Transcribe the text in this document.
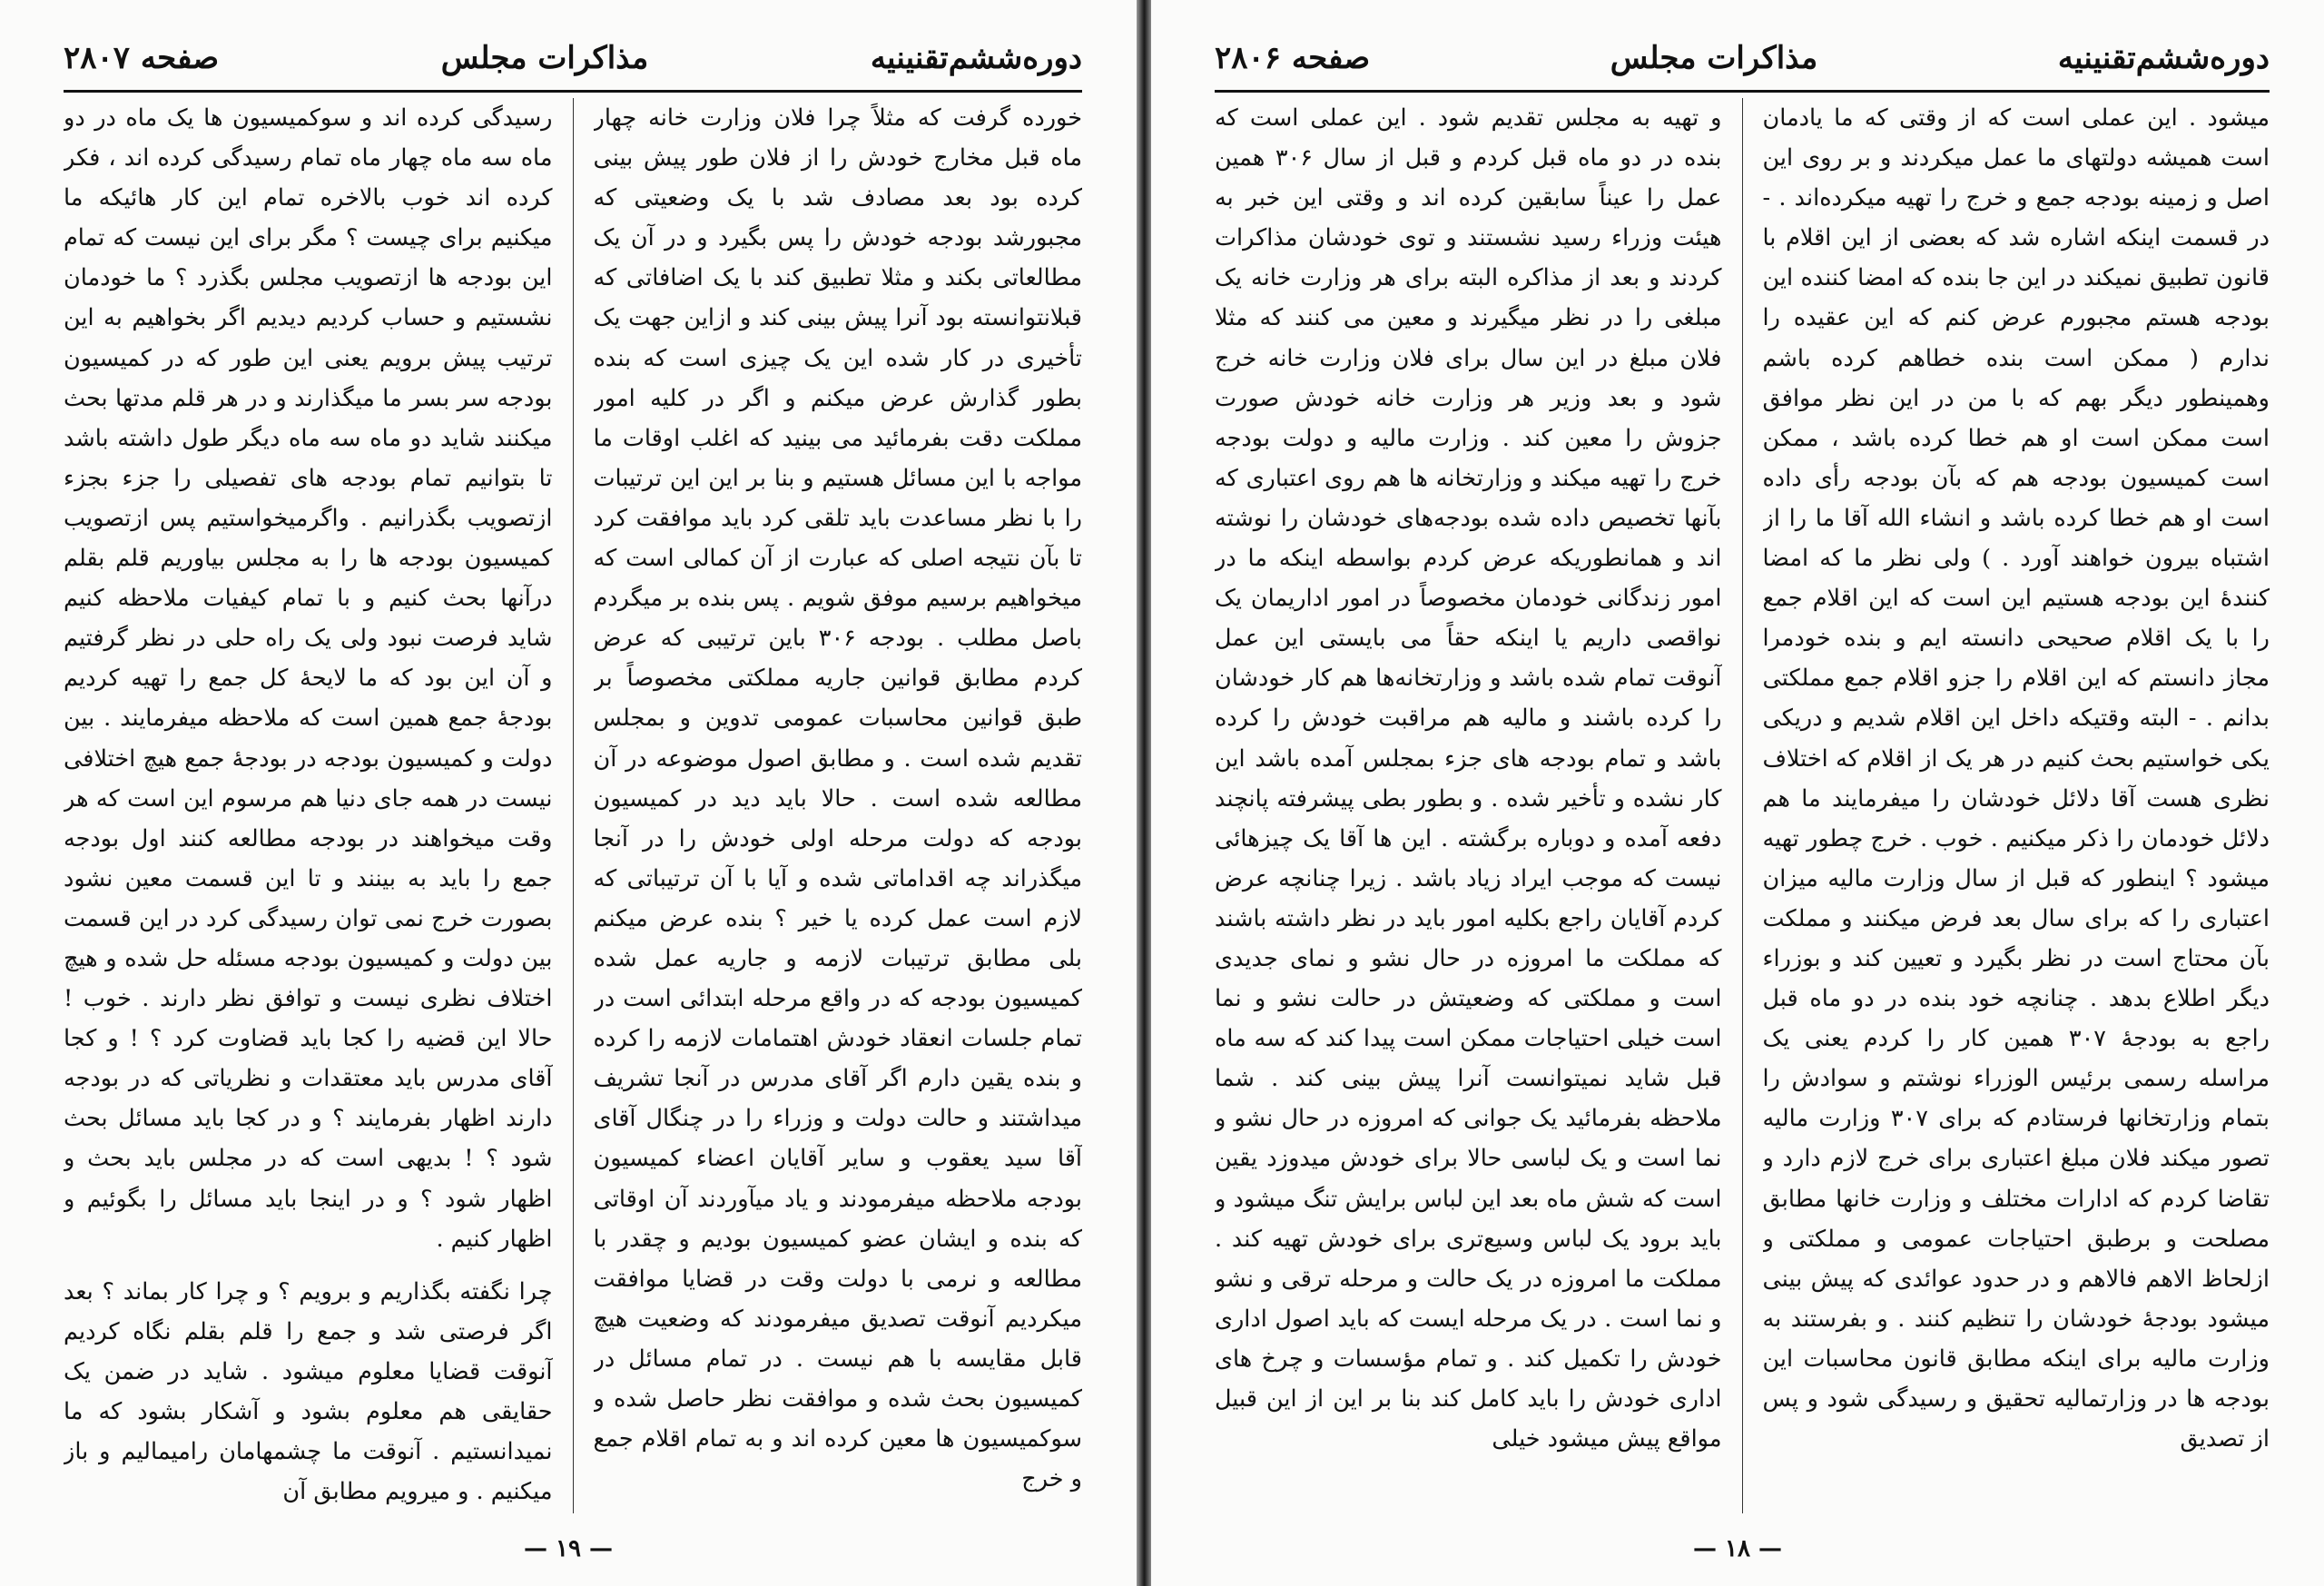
دوره‌ششم‌تقنینیه
مذاکرات مجلس
صفحه ۲۸۰۷

خورده گرفت که مثلاً چرا فلان وزارت خانه چهار ماه قبل مخارج خودش را از فلان طور پیش بینی کرده بود بعد مصادف شد با یک وضعیتی که مجبورشد بودجه خودش را پس بگیرد و در آن یک مطالعاتی بکند و مثلا تطبیق کند با یک اضافاتی که قبلانتوانسته بود آنرا پیش بینی کند و ازاین جهت یک تأخیری در کار شده این یک چیزی است که بنده بطور گذارش عرض میکنم و اگر در کلیه امور مملکت دقت بفرمائید می بینید که اغلب اوقات ما مواجه با این مسائل هستیم و بنا بر این این ترتیبات را با نظر مساعدت باید تلقی کرد باید موافقت کرد تا بآن نتیجه اصلی که عبارت از آن کمالی است که میخواهیم برسیم موفق شویم . پس بنده بر میگردم باصل مطلب . بودجه ۳۰۶ باین ترتیبی که عرض کردم مطابق قوانین جاریه مملکتی مخصوصاً بر طبق قوانین محاسبات عمومی تدوین و بمجلس تقدیم شده است . و مطابق اصول موضوعه در آن مطالعه شده است . حالا باید دید در کمیسیون بودجه که دولت مرحله اولی خودش را در آنجا میگذراند چه اقداماتی شده و آیا با آن ترتیباتی که لازم است عمل کرده یا خیر ؟ بنده عرض میکنم بلی مطابق ترتیبات لازمه و جاریه عمل شده کمیسیون بودجه که در واقع مرحله ابتدائی است در تمام جلسات انعقاد خودش اهتمامات لازمه را کرده و بنده یقین دارم اگر آقای مدرس در آنجا تشریف میداشتند و حالت دولت و وزراء را در چنگال آقای آقا سید یعقوب و سایر آقایان اعضاء کمیسیون بودجه ملاحظه میفرمودند و یاد میآوردند آن اوقاتی که بنده و ایشان عضو کمیسیون بودیم و چقدر با مطالعه و نرمی با دولت وقت در قضایا موافقت میکردیم آنوقت تصدیق میفرمودند که وضعیت هیچ قابل مقایسه با هم نیست . در تمام مسائل در کمیسیون بحث شده و موافقت نظر حاصل شده و سوکمیسیون ها معین کرده اند و به تمام اقلام جمع و خرج

رسیدگی کرده اند و سوکمیسیون ها یک ماه در دو ماه سه ماه چهار ماه تمام رسیدگی کرده اند ، فکر کرده اند خوب بالاخره تمام این کار هائیکه ما میکنیم برای چیست ؟ مگر برای این نیست که تمام این بودجه ها ازتصویب مجلس بگذرد ؟ ما خودمان نشستیم و حساب کردیم دیدیم اگر بخواهیم به این ترتیب پیش برویم یعنی این طور که در کمیسیون بودجه سر بسر ما میگذارند و در هر قلم مدتها بحث میکنند شاید دو ماه سه ماه دیگر طول داشته باشد تا بتوانیم تمام بودجه های تفصیلی را جزء بجزء ازتصویب بگذرانیم . واگرمیخواستیم پس ازتصویب کمیسیون بودجه ها را به مجلس بیاوریم قلم بقلم درآنها بحث کنیم و با تمام کیفیات ملاحظه کنیم شاید فرصت نبود ولی یک راه حلی در نظر گرفتیم و آن این بود که ما لایحهٔ کل جمع را تهیه کردیم بودجهٔ جمع همین است که ملاحظه میفرمایند . بین دولت و کمیسیون بودجه در بودجهٔ جمع هیچ اختلافی نیست در همه جای دنیا هم مرسوم این است که هر وقت میخواهند در بودجه مطالعه کنند اول بودجه جمع را باید به بینند و تا این قسمت معین نشود بصورت خرج نمی توان رسیدگی کرد در این قسمت بین دولت و کمیسیون بودجه مسئله حل شده و هیچ اختلاف نظری نیست و توافق نظر دارند . خوب ! حالا این قضیه را کجا باید قضاوت کرد ؟ ! و کجا آقای مدرس باید معتقدات و نظریاتی که در بودجه دارند اظهار بفرمایند ؟ و در کجا باید مسائل بحث شود ؟ ! بدیهی است که در مجلس باید بحث و اظهار شود ؟ و در اینجا باید مسائل را بگوئیم و اظهار کنیم .

چرا نگفته بگذاریم و برویم ؟ و چرا کار بماند ؟ بعد اگر فرصتی شد و جمع را قلم بقلم نگاه کردیم آنوقت قضایا معلوم میشود . شاید در ضمن یک حقایقی هم معلوم بشود و آشکار بشود که ما نمیدانستیم . آنوقت ما چشمهامان رامیمالیم و باز میکنیم . و میرویم مطابق آن

— ۱۹ —
دوره‌ششم‌تقنینیه
مذاکرات مجلس
صفحه ۲۸۰۶

میشود . این عملی است که از وقتی که ما یادمان است همیشه دولتهای ما عمل میکردند و بر روی این اصل و زمینه بودجه جمع و خرج را تهیه میکرده‌اند . - در قسمت اینکه اشاره شد که بعضی از این اقلام با قانون تطبیق نمیکند در این جا بنده که امضا کننده این بودجه هستم مجبورم عرض کنم که این عقیده را ندارم ( ممکن است بنده خطاهم کرده باشم وهمینطور دیگر بهم که با من در این نظر موافق است ممکن است او هم خطا کرده باشد ، ممکن است کمیسیون بودجه هم که بآن بودجه رأی داده است او هم خطا کرده باشد و انشاء الله آقا ما را از اشتباه بیرون خواهند آورد . ) ولی نظر ما که امضا کنندهٔ این بودجه هستیم این است که این اقلام جمع را با یک اقلام صحیحی دانسته ایم و بنده خودمرا مجاز دانستم که این اقلام را جزو اقلام جمع مملکتی بدانم . - البته وقتیکه داخل این اقلام شدیم و دریکی یکی خواستیم بحث کنیم در هر یک از اقلام که اختلاف نظری هست آقا دلائل خودشان را میفرمایند ما هم دلائل خودمان را ذکر میکنیم . خوب . خرج چطور تهیه میشود ؟ اینطور که قبل از سال وزارت مالیه میزان اعتباری را که برای سال بعد فرض میکنند و مملکت بآن محتاج است در نظر بگیرد و تعیین کند و بوزراء دیگر اطلاع بدهد . چنانچه خود بنده در دو ماه قبل راجع به بودجهٔ ۳۰۷ همین کار را کردم یعنی یک مراسله رسمی برئیس الوزراء نوشتم و سوادش را بتمام وزارتخانها فرستادم که برای ۳۰۷ وزارت مالیه تصور میکند فلان مبلغ اعتباری برای خرج لازم دارد و تقاضا کردم که ادارات مختلف و وزارت خانها مطابق مصلحت و برطبق احتیاجات عمومی و مملکتی و ازلحاظ الاهم فالاهم و در حدود عوائدی که پیش بینی میشود بودجهٔ خودشان را تنظیم کنند . و بفرستند به وزارت مالیه برای اینکه مطابق قانون محاسبات این بودجه ها در وزارتمالیه تحقیق و رسیدگی شود و پس از تصدیق

و تهیه به مجلس تقدیم شود . این عملی است که بنده در دو ماه قبل کردم و قبل از سال ۳۰۶ همین عمل را عیناً سابقین کرده اند و وقتی این خبر به هیئت وزراء رسید نشستند و توی خودشان مذاکرات کردند و بعد از مذاکره البته برای هر وزارت خانه یک مبلغی را در نظر میگیرند و معین می کنند که مثلا فلان مبلغ در این سال برای فلان وزارت خانه خرج شود و بعد وزیر هر وزارت خانه خودش صورت جزوش را معین کند . وزارت مالیه و دولت بودجه خرج را تهیه میکند و وزارتخانه ها هم روی اعتباری که بآنها تخصیص داده شده بودجه‌های خودشان را نوشته اند و همانطوریکه عرض کردم بواسطه اینکه ما در امور زندگانی خودمان مخصوصاً در امور اداریمان یک نواقصی داریم یا اینکه حقاً می بایستی این عمل آنوقت تمام شده باشد و وزارتخانه‌ها هم کار خودشان را کرده باشند و مالیه هم مراقبت خودش را کرده باشد و تمام بودجه های جزء بمجلس آمده باشد این کار نشده و تأخیر شده . و بطور بطی پیشرفته پانچند دفعه آمده و دوباره برگشته . این ها آقا یک چیزهائی نیست که موجب ایراد زیاد باشد . زیرا چنانچه عرض کردم آقایان راجع بکلیه امور باید در نظر داشته باشند که مملکت ما امروزه در حال نشو و نمای جدیدی است و مملکتی که وضعیتش در حالت نشو و نما است خیلی احتیاجات ممکن است پیدا کند که سه ماه قبل شاید نمیتوانست آنرا پیش بینی کند . شما ملاحظه بفرمائید یک جوانی که امروزه در حال نشو و نما است و یک لباسی حالا برای خودش میدوزد یقین است که شش ماه بعد این لباس برایش تنگ میشود و باید برود یک لباس وسیع‌تری برای خودش تهیه کند . مملکت ما امروزه در یک حالت و مرحله ترقی و نشو و نما است . در یک مرحله ایست که باید اصول اداری خودش را تکمیل کند . و تمام مؤسسات و چرخ های اداری خودش را باید کامل کند بنا بر این از این قبیل مواقع پیش میشود خیلی

— ۱۸ —
